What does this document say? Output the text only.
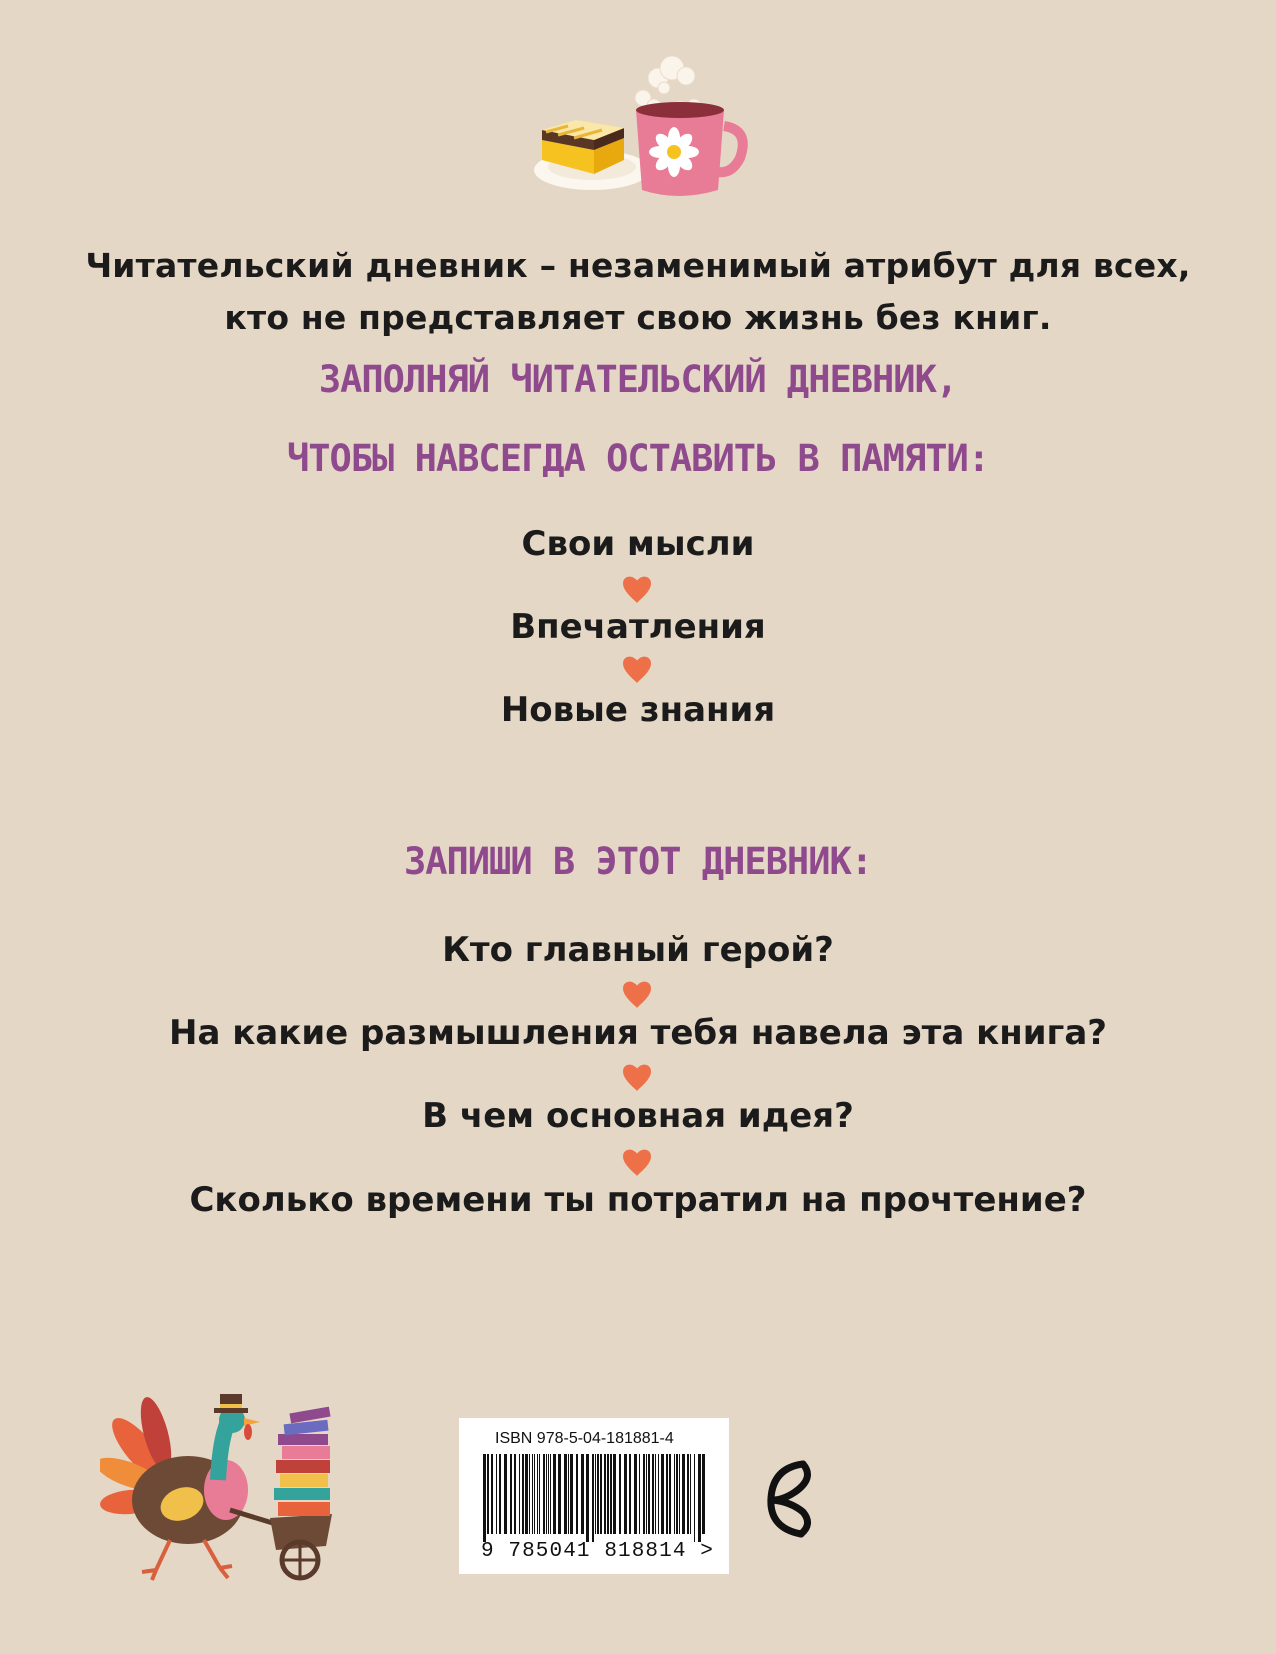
Читательский дневник – незаменимый атрибут для всех,
кто не представляет свою жизнь без книг.
ЗАПОЛНЯЙ ЧИТАТЕЛЬСКИЙ ДНЕВНИК,
ЧТОБЫ НАВСЕГДА ОСТАВИТЬ В ПАМЯТИ:
Свои мысли
Впечатления
Новые знания
ЗАПИШИ В ЭТОТ ДНЕВНИК:
Кто главный герой?
На какие размышления тебя навела эта книга?
В чем основная идея?
Сколько времени ты потратил на прочтение?
ISBN 978-5-04-181881-4
9 785041 818814 >
